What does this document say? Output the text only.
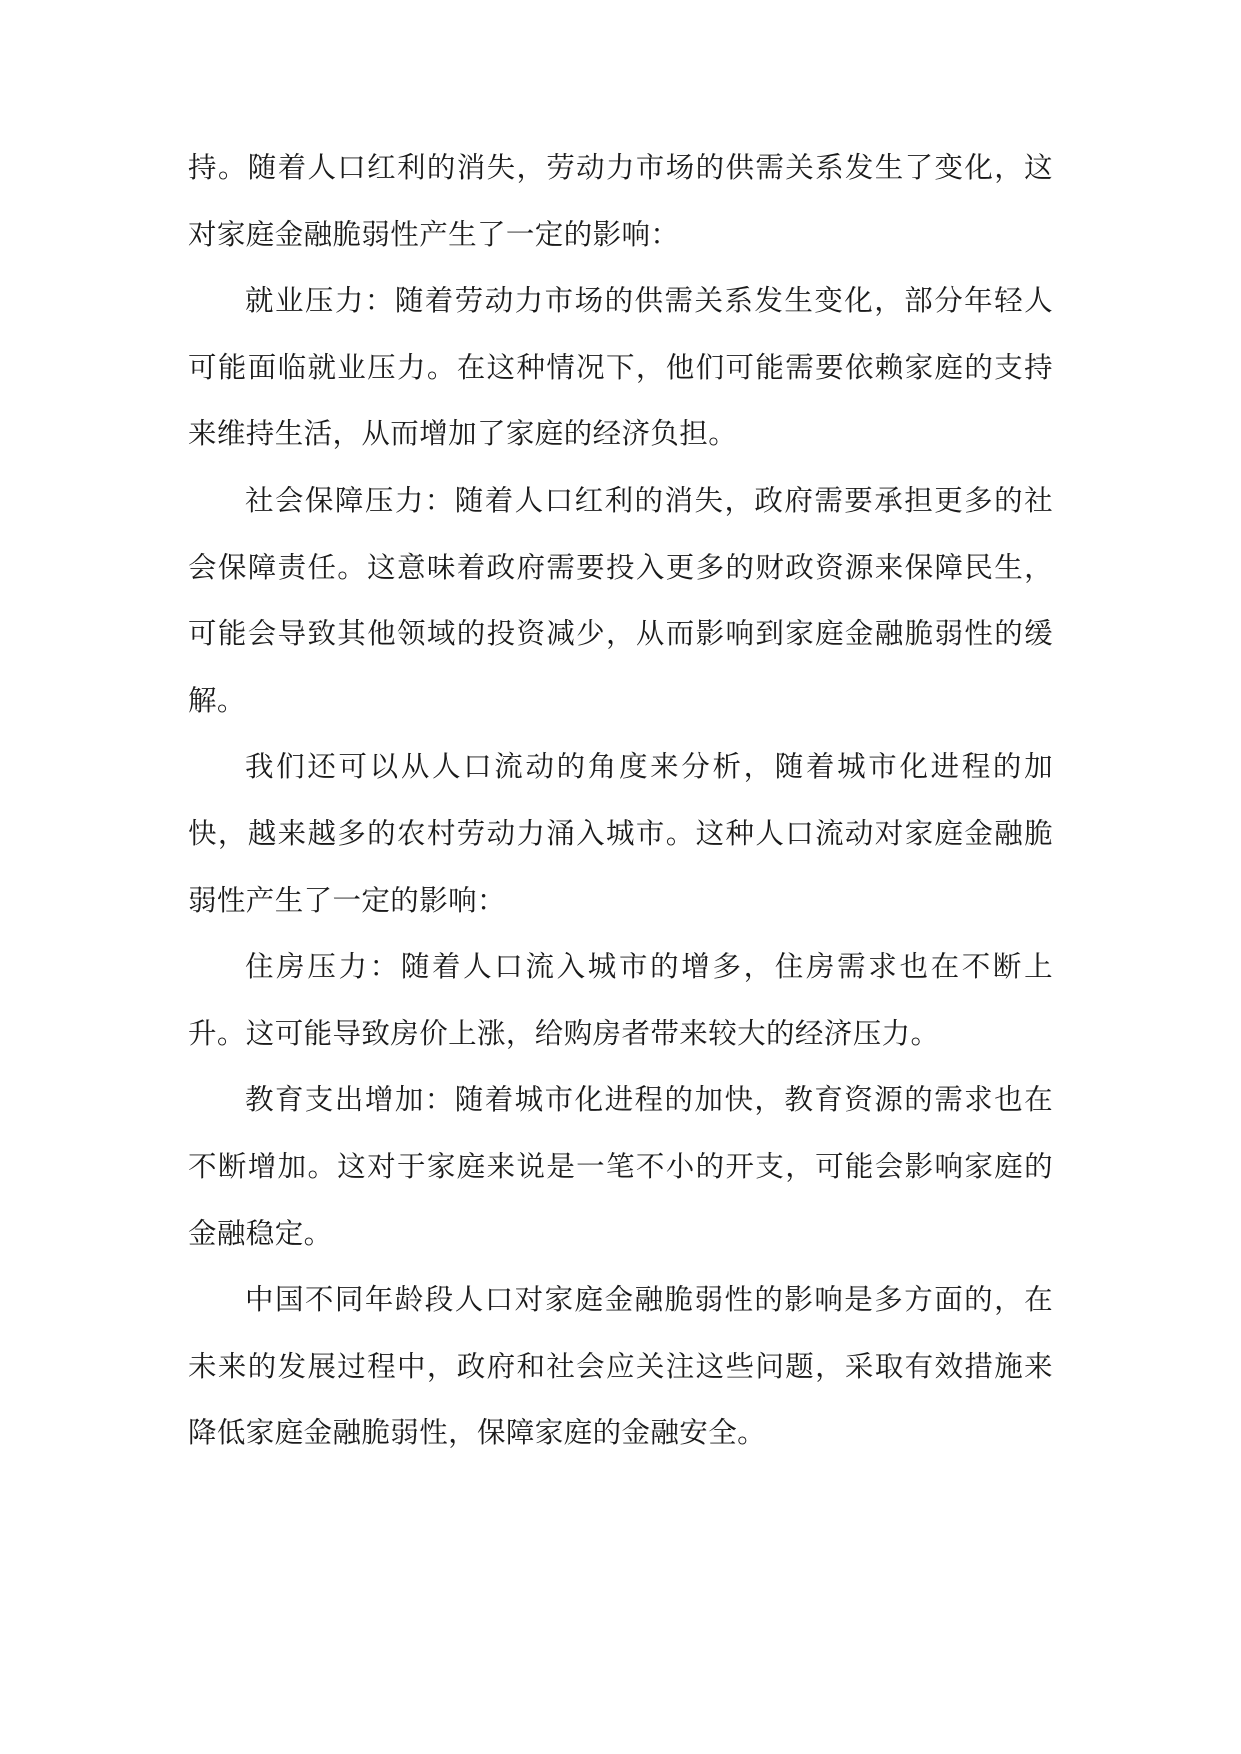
持。随着人口红利的消失，劳动力市场的供需关系发生了变化，这对家庭金融脆弱性产生了一定的影响：

就业压力：随着劳动力市场的供需关系发生变化，部分年轻人可能面临就业压力。在这种情况下，他们可能需要依赖家庭的支持来维持生活，从而增加了家庭的经济负担。

社会保障压力：随着人口红利的消失，政府需要承担更多的社会保障责任。这意味着政府需要投入更多的财政资源来保障民生，可能会导致其他领域的投资减少，从而影响到家庭金融脆弱性的缓解。

我们还可以从人口流动的角度来分析，随着城市化进程的加快，越来越多的农村劳动力涌入城市。这种人口流动对家庭金融脆弱性产生了一定的影响：

住房压力：随着人口流入城市的增多，住房需求也在不断上升。这可能导致房价上涨，给购房者带来较大的经济压力。

教育支出增加：随着城市化进程的加快，教育资源的需求也在不断增加。这对于家庭来说是一笔不小的开支，可能会影响家庭的金融稳定。

中国不同年龄段人口对家庭金融脆弱性的影响是多方面的，在未来的发展过程中，政府和社会应关注这些问题，采取有效措施来降低家庭金融脆弱性，保障家庭的金融安全。
